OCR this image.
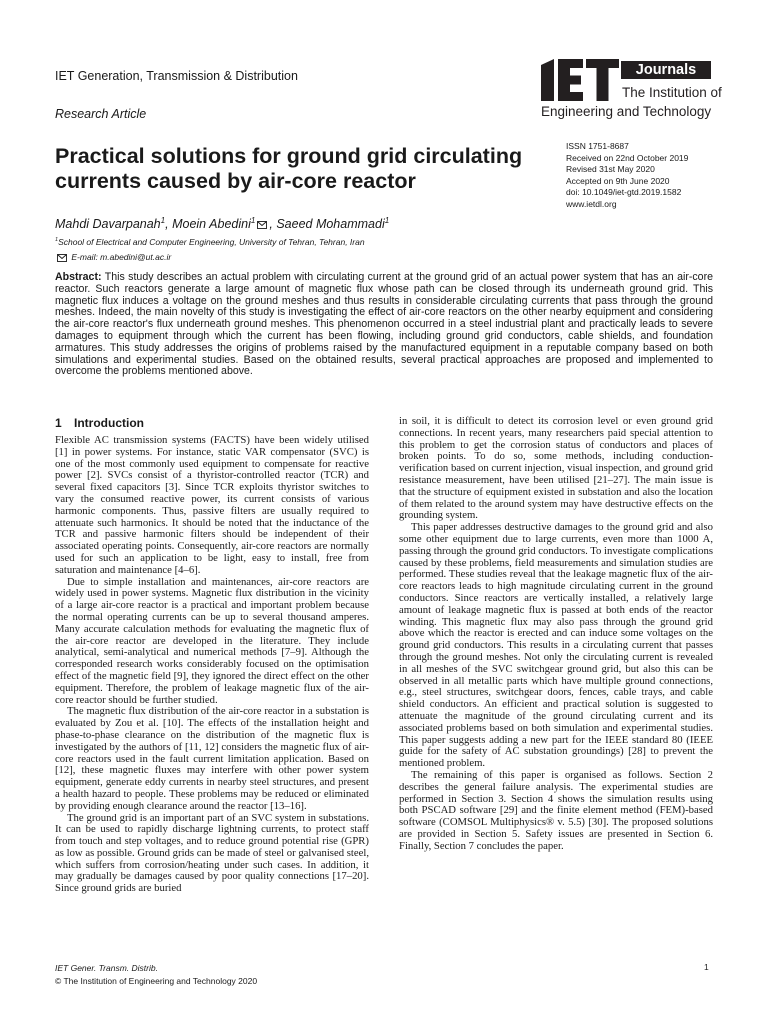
IET Generation, Transmission & Distribution
Research Article
Journals
The Institution of
Engineering and Technology
Practical solutions for ground grid circulating currents caused by air-core reactor
ISSN 1751-8687
Received on 22nd October 2019
Revised 31st May 2020
Accepted on 9th June 2020
doi: 10.1049/iet-gtd.2019.1582
www.ietdl.org
Mahdi Davarpanah$^1$, Moein Abedini$^1$ , Saeed Mohammadi$^1$
$^1$School of Electrical and Computer Engineering, University of Tehran, Tehran, Iran
E-mail: m.abedini@ut.ac.ir

Abstract: This study describes an actual problem with circulating current at the ground grid of an actual power system that has an air-core reactor. Such reactors generate a large amount of magnetic flux whose path can be closed through its underneath ground grid. This magnetic flux induces a voltage on the ground meshes and thus results in considerable circulating currents that pass through the ground meshes. Indeed, the main novelty of this study is investigating the effect of air-core reactors on the other nearby equipment and considering the air-core reactor's flux underneath ground meshes. This phenomenon occurred in a steel industrial plant and practically leads to severe damages to equipment through which the current has been flowing, including ground grid conductors, cable shields, and foundation armatures. This study addresses the origins of problems raised by the manufactured equipment in a reputable company based on both simulations and experimental studies. Based on the obtained results, several practical approaches are proposed and implemented to overcome the problems mentioned above.

1 Introduction

Flexible AC transmission systems (FACTS) have been widely utilised [1] in power systems. For instance, static VAR compensator (SVC) is one of the most commonly used equipment to compensate for reactive power [2]. SVCs consist of a thyristor-controlled reactor (TCR) and several fixed capacitors [3]. Since TCR exploits thyristor switches to vary the consumed reactive power, its current consists of various harmonic components. Thus, passive filters are usually required to attenuate such harmonics. It should be noted that the inductance of the TCR and passive harmonic filters should be independent of their associated operating points. Consequently, air-core reactors are normally used for such an application to be light, easy to install, free from saturation and maintenance [4–6].

Due to simple installation and maintenances, air-core reactors are widely used in power systems. Magnetic flux distribution in the vicinity of a large air-core reactor is a practical and important problem because the normal operating currents can be up to several thousand amperes. Many accurate calculation methods for evaluating the magnetic flux of the air-core reactor are developed in the literature. They include analytical, semi-analytical and numerical methods [7–9]. Although the corresponded research works considerably focused on the optimisation effect of the magnetic field [9], they ignored the direct effect on the other equipment. Therefore, the problem of leakage magnetic flux of the air-core reactor should be further studied.

The magnetic flux distribution of the air-core reactor in a substation is evaluated by Zou et al. [10]. The effects of the installation height and phase-to-phase clearance on the distribution of the magnetic flux is investigated by the authors of [11, 12] considers the magnetic flux of air-core reactors used in the fault current limitation application. Based on [12], these magnetic fluxes may interfere with other power system equipment, generate eddy currents in nearby steel structures, and present a health hazard to people. These problems may be reduced or eliminated by providing enough clearance around the reactor [13–16].

The ground grid is an important part of an SVC system in substations. It can be used to rapidly discharge lightning currents, to protect staff from touch and step voltages, and to reduce ground potential rise (GPR) as low as possible. Ground grids can be made of steel or galvanised steel, which suffers from corrosion/heating under such cases. In addition, it may gradually be damages caused by poor quality connections [17–20]. Since ground grids are buried

in soil, it is difficult to detect its corrosion level or even ground grid connections. In recent years, many researchers paid special attention to this problem to get the corrosion status of conductors and places of broken points. To do so, some methods, including conduction-verification based on current injection, visual inspection, and ground grid resistance measurement, have been utilised [21–27]. The main issue is that the structure of equipment existed in substation and also the location of them related to the around system may have destructive effects on the grounding system.

This paper addresses destructive damages to the ground grid and also some other equipment due to large currents, even more than 1000 A, passing through the ground grid conductors. To investigate complications caused by these problems, field measurements and simulation studies are performed. These studies reveal that the leakage magnetic flux of the air-core reactors leads to high magnitude circulating current in the ground conductors. Since reactors are vertically installed, a relatively large amount of leakage magnetic flux is passed at both ends of the reactor winding. This magnetic flux may also pass through the ground grid above which the reactor is erected and can induce some voltages on the ground grid conductors. This results in a circulating current that passes through the ground meshes. Not only the circulating current is revealed in all meshes of the SVC switchgear ground grid, but also this can be observed in all metallic parts which have multiple ground connections, e.g., steel structures, switchgear doors, fences, cable trays, and cable shield conductors. An efficient and practical solution is suggested to attenuate the magnitude of the ground circulating current and its associated problems based on both simulation and experimental studies. This paper suggests adding a new part for the IEEE standard 80 (IEEE guide for the safety of AC substation groundings) [28] to prevent the mentioned problem.

The remaining of this paper is organised as follows. Section 2 describes the general failure analysis. The experimental studies are performed in Section 3. Section 4 shows the simulation results using both PSCAD software [29] and the finite element method (FEM)-based software (COMSOL Multiphysics® v. 5.5) [30]. The proposed solutions are provided in Section 5. Safety issues are presented in Section 6. Finally, Section 7 concludes the paper.

IET Gener. Transm. Distrib.
© The Institution of Engineering and Technology 2020
1
